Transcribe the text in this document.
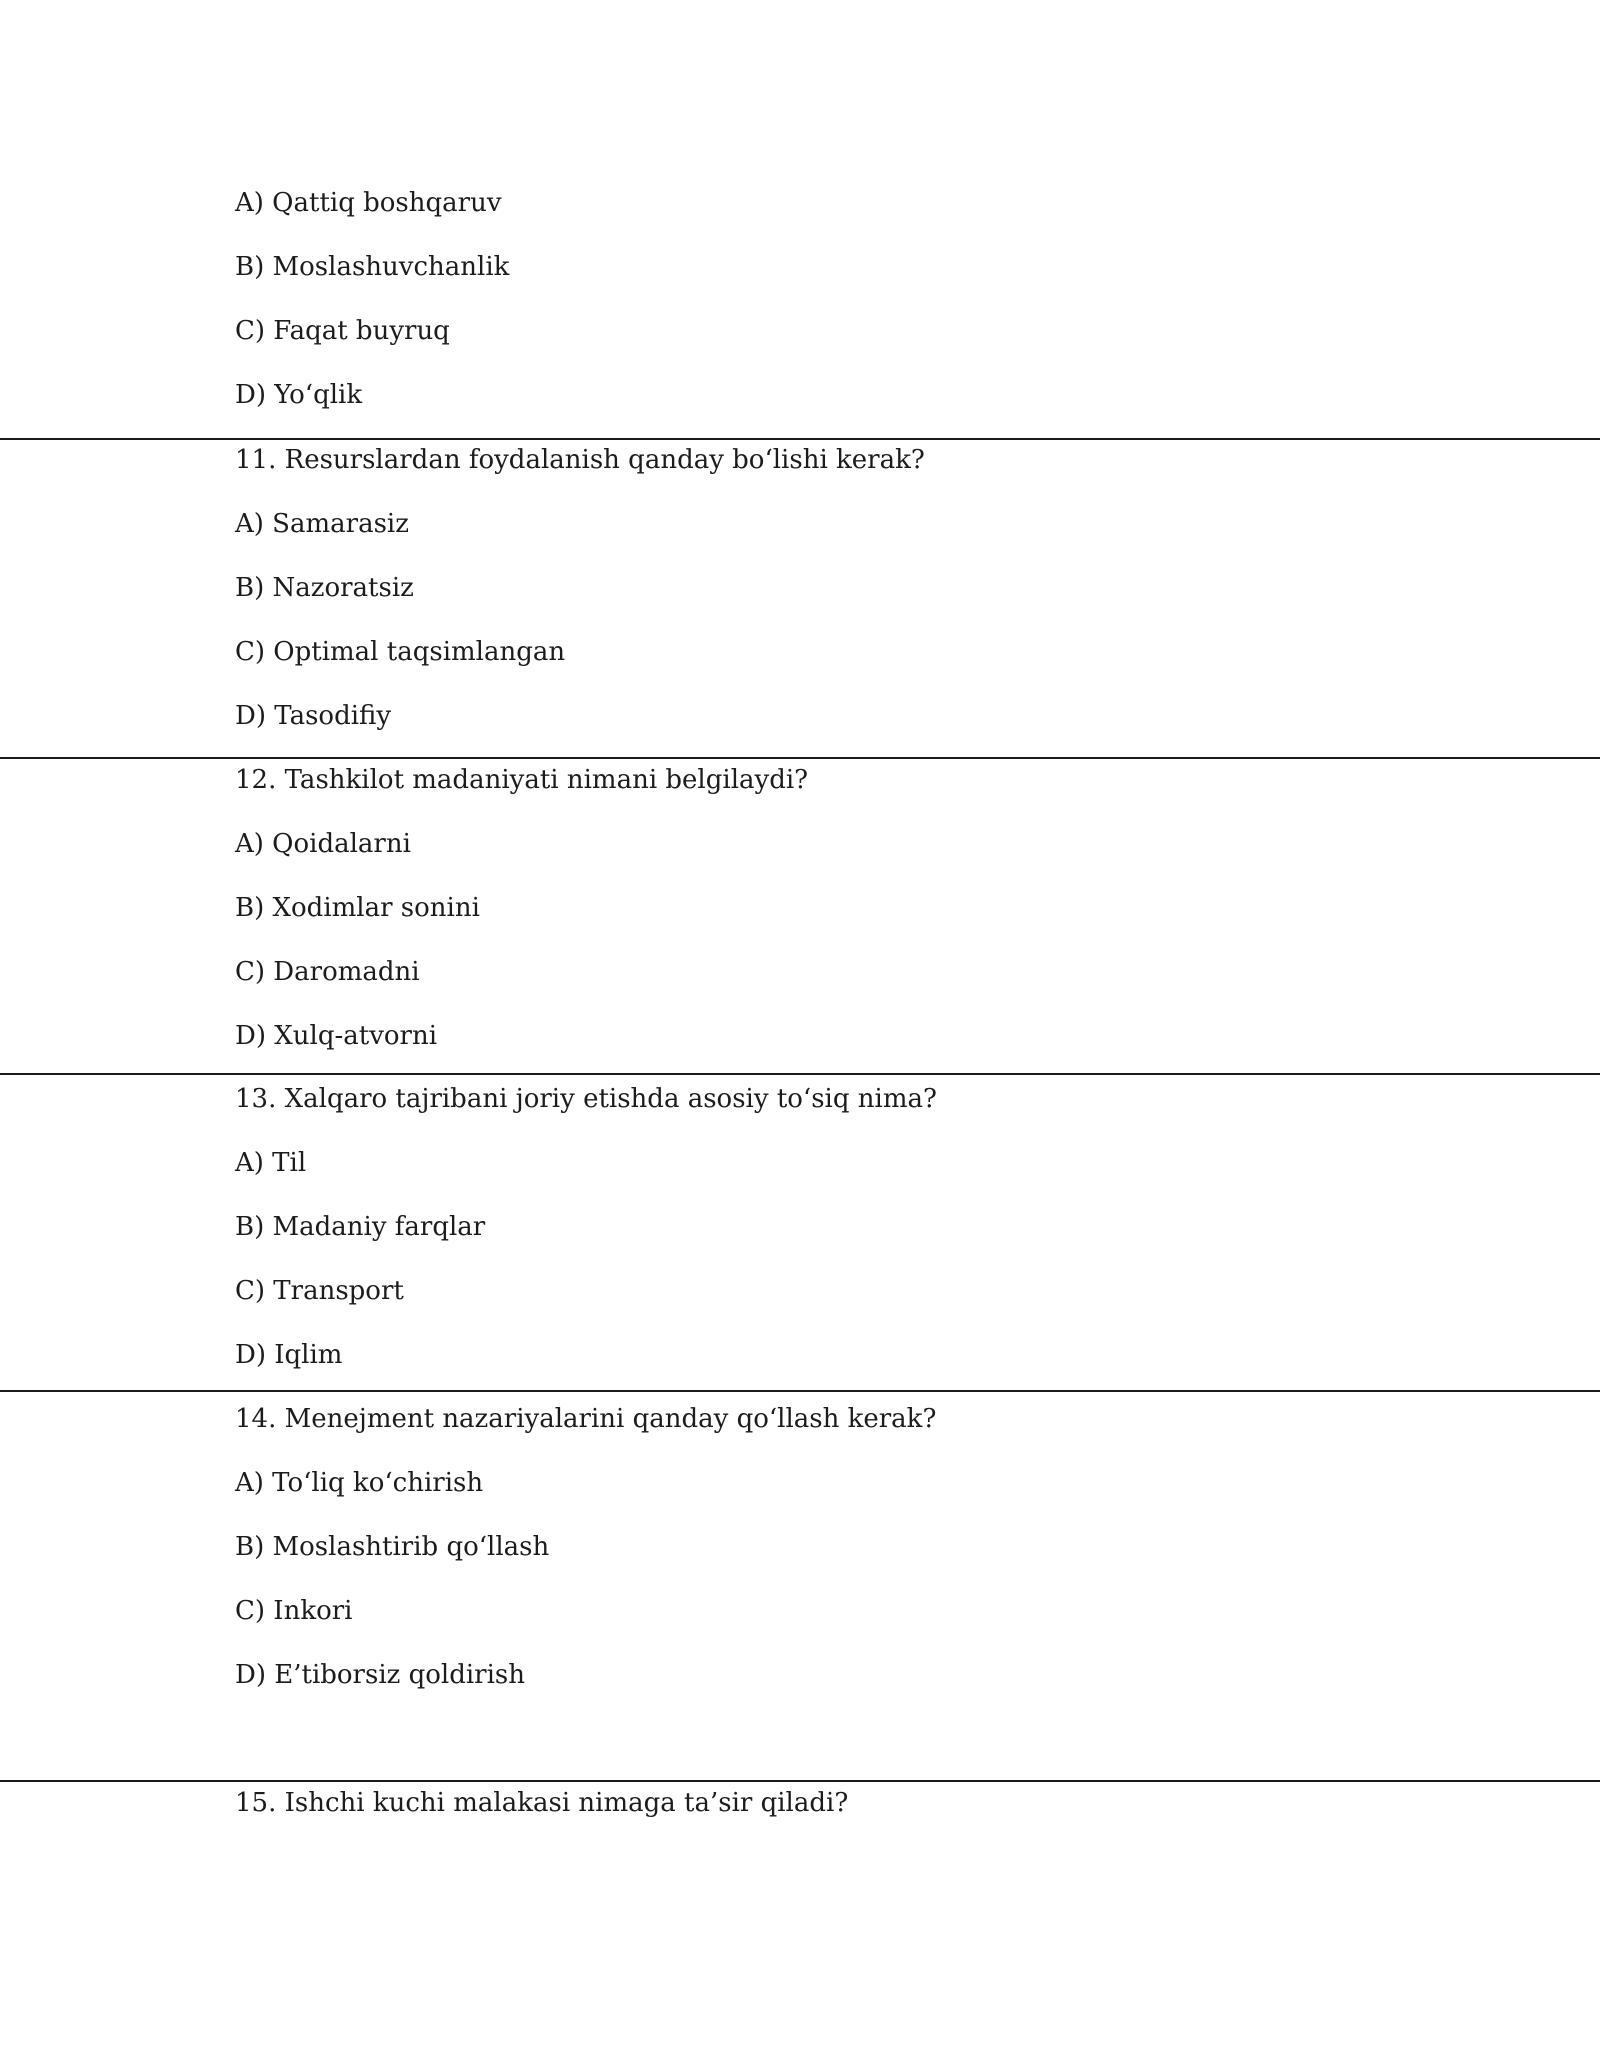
A) Qattiq boshqaruv
B) Moslashuvchanlik
C) Faqat buyruq
D) Yo‘qlik
11. Resurslardan foydalanish qanday bo‘lishi kerak?
A) Samarasiz
B) Nazoratsiz
C) Optimal taqsimlangan
D) Tasodifiy
12. Tashkilot madaniyati nimani belgilaydi?
A) Qoidalarni
B) Xodimlar sonini
C) Daromadni
D) Xulq-atvorni
13. Xalqaro tajribani joriy etishda asosiy to‘siq nima?
A) Til
B) Madaniy farqlar
C) Transport
D) Iqlim
14. Menejment nazariyalarini qanday qo‘llash kerak?
A) To‘liq ko‘chirish
B) Moslashtirib qo‘llash
C) Inkori
D) E’tiborsiz qoldirish
15. Ishchi kuchi malakasi nimaga ta’sir qiladi?
